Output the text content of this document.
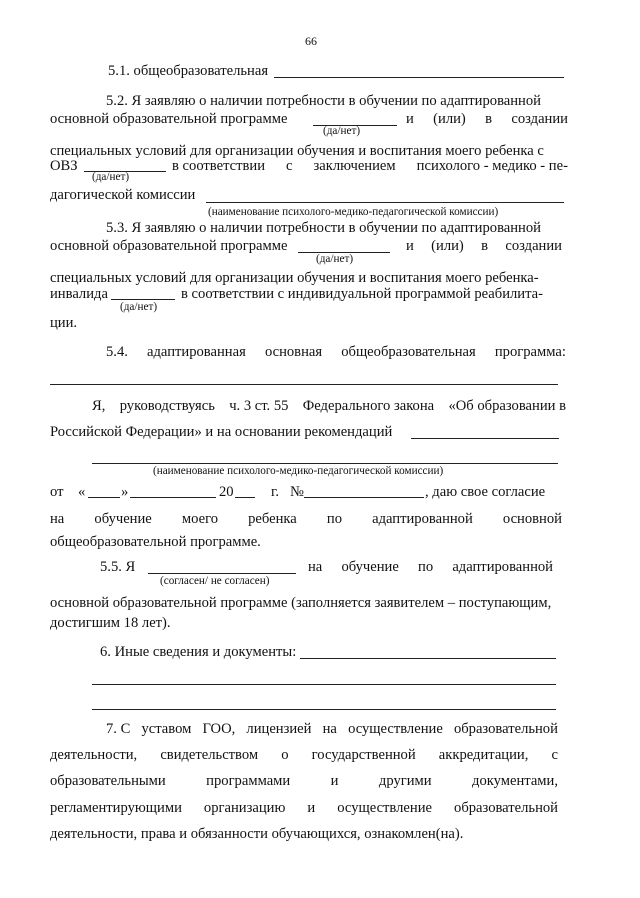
66
5.1. общеобразовательная
5.2. Я заявляю о наличии потребности в обучении по адаптированной
основной образовательной программе	и (или) в создании
(да/нет)
специальных условий для организации обучения и воспитания моего ребенка с
ОВЗ	в соответствии с заключением психолого - медико - пе-
(да/нет)
дагогической комиссии
(наименование психолого-медико-педагогической комиссии)
5.3. Я заявляю о наличии потребности в обучении по адаптированной
основной образовательной программе	и (или) в создании
(да/нет)
специальных условий для организации обучения и воспитания моего ребенка-
инвалида	в соответствии с индивидуальной программой реабилита-
(да/нет)
ции.
5.4. адаптированная основная общеобразовательная программа:
Я, руководствуясь ч. 3 ст. 55 Федерального закона «Об образовании в
Российской Федерации» и на основании рекомендаций
(наименование психолого-медико-педагогической комиссии)
от « »	20	г. №	, даю свое согласие
на обучение моего ребенка по адаптированной основной
общеобразовательной программе.
5.5. Я	на обучение по адаптированной
(согласен/ не согласен)
основной образовательной программе (заполняется заявителем – поступающим,
достигшим 18 лет).
6. Иные сведения и документы:
7. С уставом ГОО, лицензией на осуществление образовательной
деятельности, свидетельством о государственной аккредитации, с
образовательными	программами	и	другими	документами,
регламентирующими организацию и осуществление образовательной
деятельности, права и обязанности обучающихся, ознакомлен(на).
